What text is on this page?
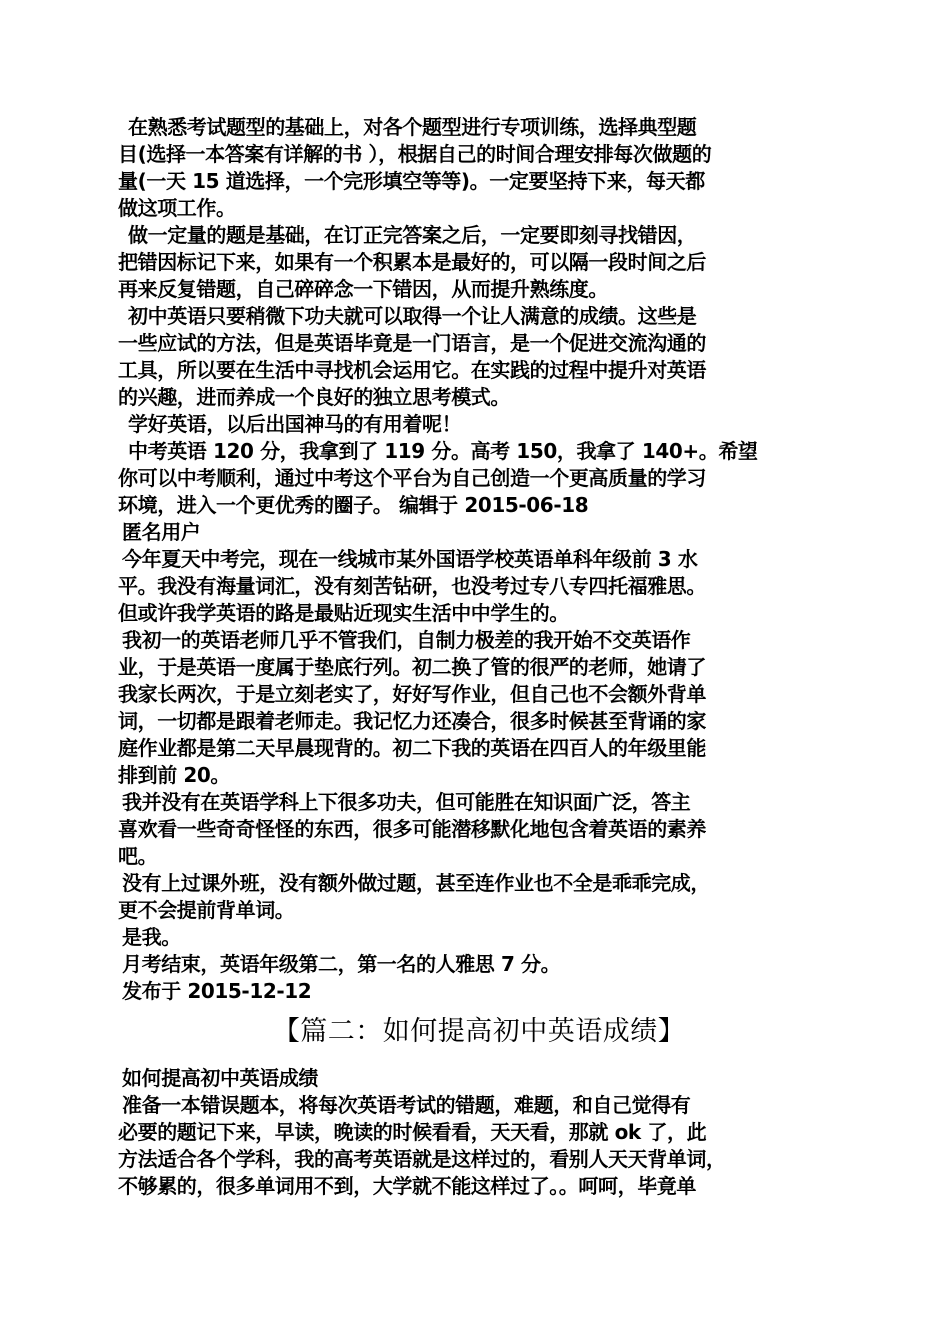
在熟悉考试题型的基础上，对各个题型进行专项训练，选择典型题
目(选择一本答案有详解的书 ），根据自己的时间合理安排每次做题的
量(一天 15 道选择，一个完形填空等等)。一定要坚持下来，每天都
做这项工作。
做一定量的题是基础，在订正完答案之后，一定要即刻寻找错因，
把错因标记下来，如果有一个积累本是最好的，可以隔一段时间之后
再来反复错题，自己碎碎念一下错因，从而提升熟练度。
初中英语只要稍微下功夫就可以取得一个让人满意的成绩。这些是
一些应试的方法，但是英语毕竟是一门语言，是一个促进交流沟通的
工具，所以要在生活中寻找机会运用它。在实践的过程中提升对英语
的兴趣，进而养成一个良好的独立思考模式。
学好英语，以后出国神马的有用着呢！
中考英语 120 分，我拿到了 119 分。高考 150，我拿了 140+。希望
你可以中考顺利，通过中考这个平台为自己创造一个更高质量的学习
环境，进入一个更优秀的圈子。 编辑于 2015-06-18
匿名用户
今年夏天中考完，现在一线城市某外国语学校英语单科年级前 3 水
平。我没有海量词汇，没有刻苦钻研，也没考过专八专四托福雅思。
但或许我学英语的路是最贴近现实生活中中学生的。
我初一的英语老师几乎不管我们，自制力极差的我开始不交英语作
业，于是英语一度属于垫底行列。初二换了管的很严的老师，她请了
我家长两次，于是立刻老实了，好好写作业，但自己也不会额外背单
词，一切都是跟着老师走。我记忆力还凑合，很多时候甚至背诵的家
庭作业都是第二天早晨现背的。初二下我的英语在四百人的年级里能
排到前 20。
我并没有在英语学科上下很多功夫，但可能胜在知识面广泛，答主
喜欢看一些奇奇怪怪的东西，很多可能潜移默化地包含着英语的素养
吧。
没有上过课外班，没有额外做过题，甚至连作业也不全是乖乖完成，
更不会提前背单词。
是我。
月考结束，英语年级第二，第一名的人雅思 7 分。
发布于 2015-12-12
【篇二：如何提高初中英语成绩】
如何提高初中英语成绩
准备一本错误题本，将每次英语考试的错题，难题，和自己觉得有
必要的题记下来，早读，晚读的时候看看，天天看，那就 ok 了，此
方法适合各个学科，我的高考英语就是这样过的，看别人天天背单词，
不够累的，很多单词用不到，大学就不能这样过了。。呵呵，毕竟单
